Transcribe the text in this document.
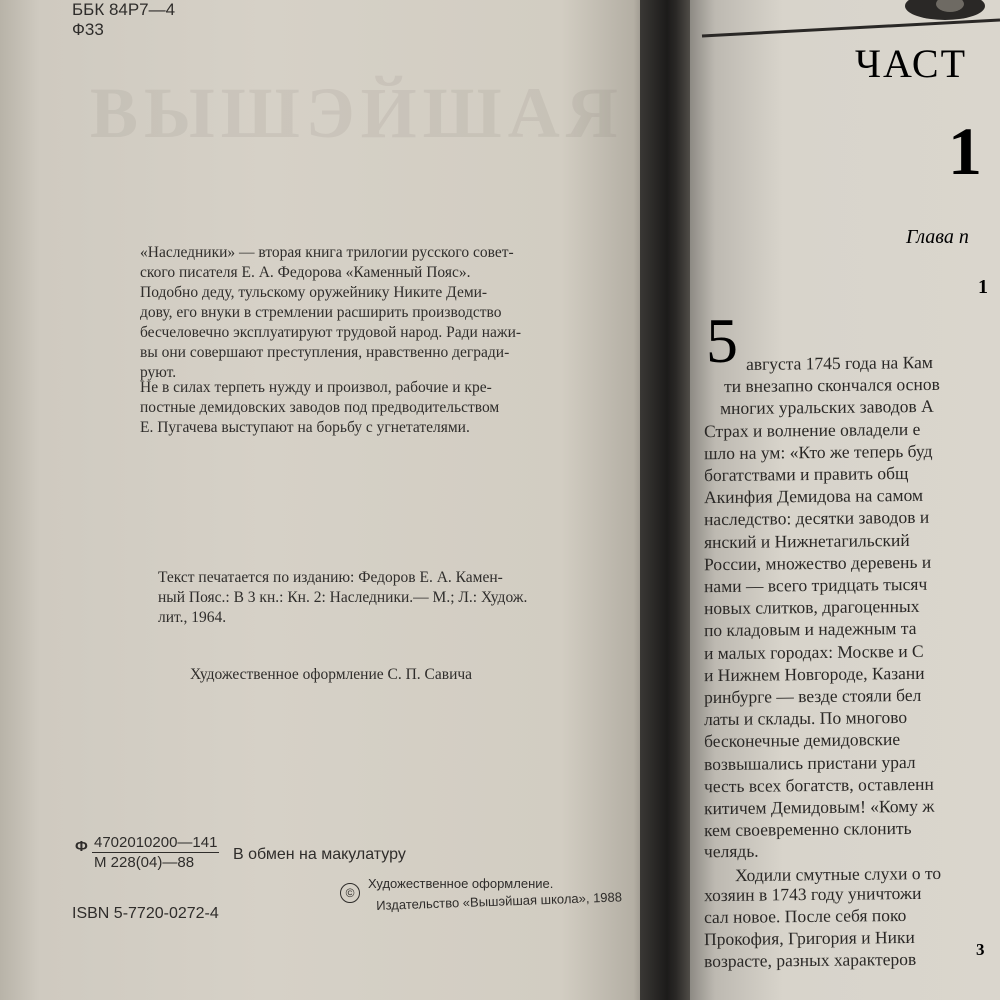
ББК 84Р7—4
Ф33
ВЫШЭЙШАЯ
«Наследники» — вторая книга трилогии русского совет-
ского писателя Е. А. Федорова «Каменный Пояс».
Подобно деду, тульскому оружейнику Никите Деми-
дову, его внуки в стремлении расширить производство
бесчеловечно эксплуатируют трудовой народ. Ради нажи-
вы они совершают преступления, нравственно дегради-
руют.
Не в силах терпеть нужду и произвол, рабочие и кре-
постные демидовских заводов под предводительством
Е. Пугачева выступают на борьбу с угнетателями.
Текст печатается по изданию: Федоров Е. А. Камен-
ный Пояс.: В 3 кн.: Кн. 2: Наследники.— М.; Л.: Худож.
лит., 1964.
Художественное оформление С. П. Савича
Ф 4702010200—141
М 228(04)—88	В обмен на макулатуру
©
Художественное оформление.
Издательство «Вышэйшая школа», 1988
ISBN 5-7720-0272-4
ЧАСТ
1
Глава п
1
5 августа 1745 года на Кам
ти внезапно скончался основ
многих уральских заводов А
Страх и волнение овладели е
шло на ум: «Кто же теперь буд
богатствами и править общ
Акинфия Демидова на самом
наследство: десятки заводов и
янский и Нижнетагильский
России, множество деревень и
нами — всего тридцать тысяч
новых слитков, драгоценных
по кладовым и надежным та
и малых городах: Москве и С
и Нижнем Новгороде, Казани
ринбурге — везде стояли бел
латы и склады. По многово
бесконечные демидовские
возвышались пристани урал
честь всех богатств, оставленн
китичем Демидовым! «Кому ж
кем своевременно склонить
челядь.
Ходили смутные слухи о то
хозяин в 1743 году уничтожи
сал новое. После себя поко
Прокофия, Григория и Ники
возрасте, разных характеров	3
